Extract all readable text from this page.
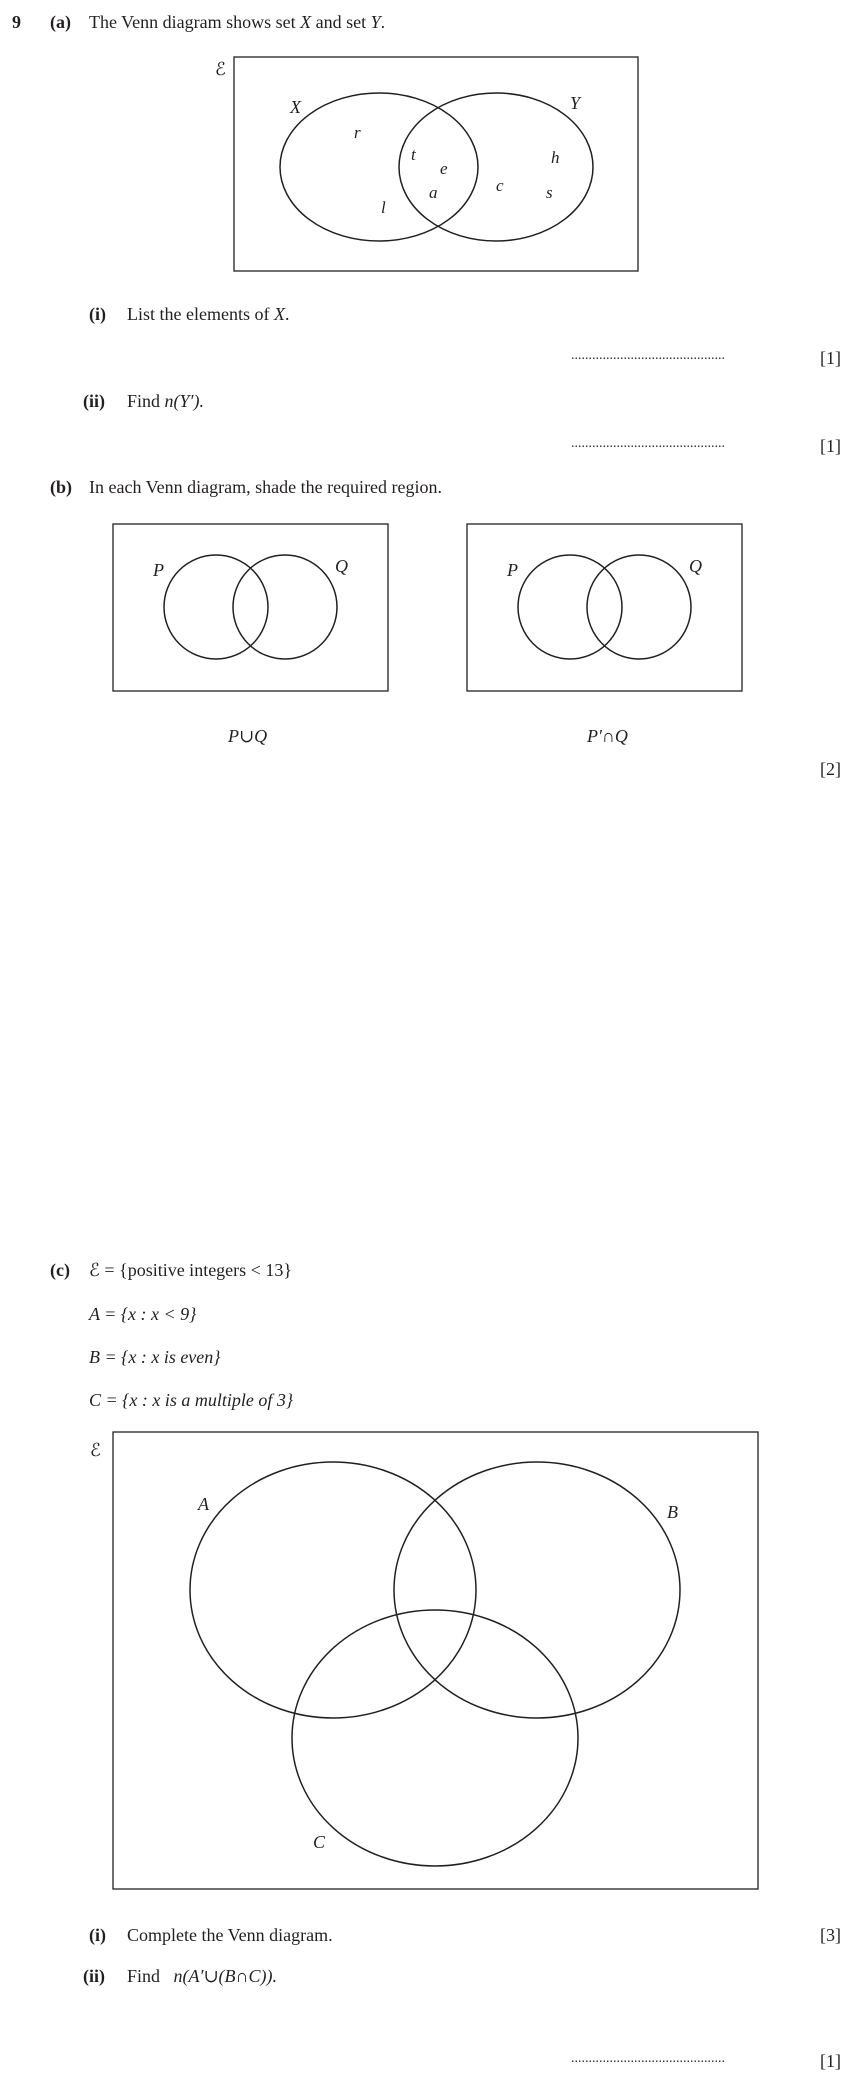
9 (a) The Venn diagram shows set X and set Y.
ℰ
X	Y
r
t
e
a
l
c
h
s
(i) List the elements of X.
............................................	[1]
(ii) Find n(Y′).
............................................	[1]
(b) In each Venn diagram, shade the required region.
P	Q	P	Q
P∪Q	P′∩Q
[2]
(c) ℰ = {positive integers < 13}
A = {x : x < 9}
B = {x : x is even}
C = {x : x is a multiple of 3}
ℰ
A	B
C
(i) Complete the Venn diagram.	[3]
(ii) Find   n(A′∪(B∩C)).
............................................	[1]
